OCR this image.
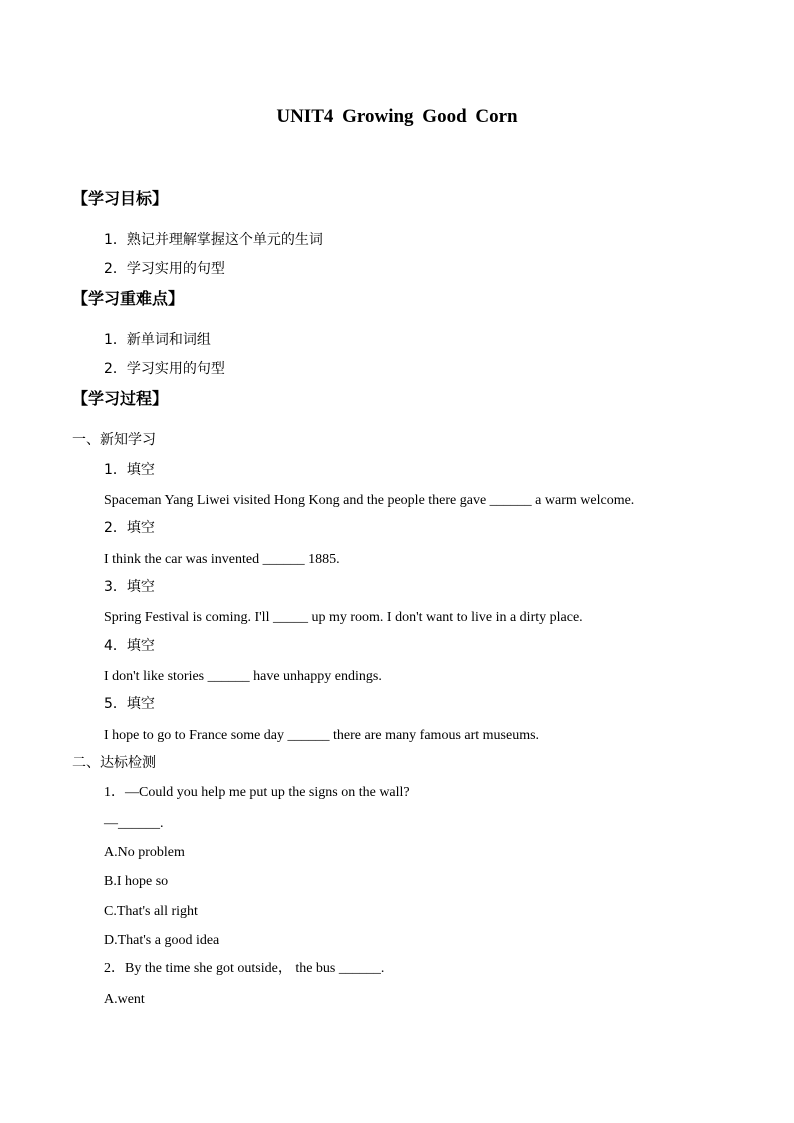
UNIT4 Growing Good Corn
【学习目标】
1．熟记并理解掌握这个单元的生词
2．学习实用的句型
【学习重难点】
1．新单词和词组
2．学习实用的句型
【学习过程】
一、新知学习
1．填空
Spaceman Yang Liwei visited Hong Kong and the people there gave ______ a warm welcome.
2．填空
I think the car was invented ______ 1885.
3．填空
Spring Festival is coming. I'll _____ up my room. I don't want to live in a dirty place.
4．填空
I don't like stories ______ have unhappy endings.
5．填空
I hope to go to France some day ______ there are many famous art museums.
二、达标检测
1．—Could you help me put up the signs on the wall?
—______.
A.No problem
B.I hope so
C.That's all right
D.That's a good idea
2．By the time she got outside， the bus ______.
A.went
